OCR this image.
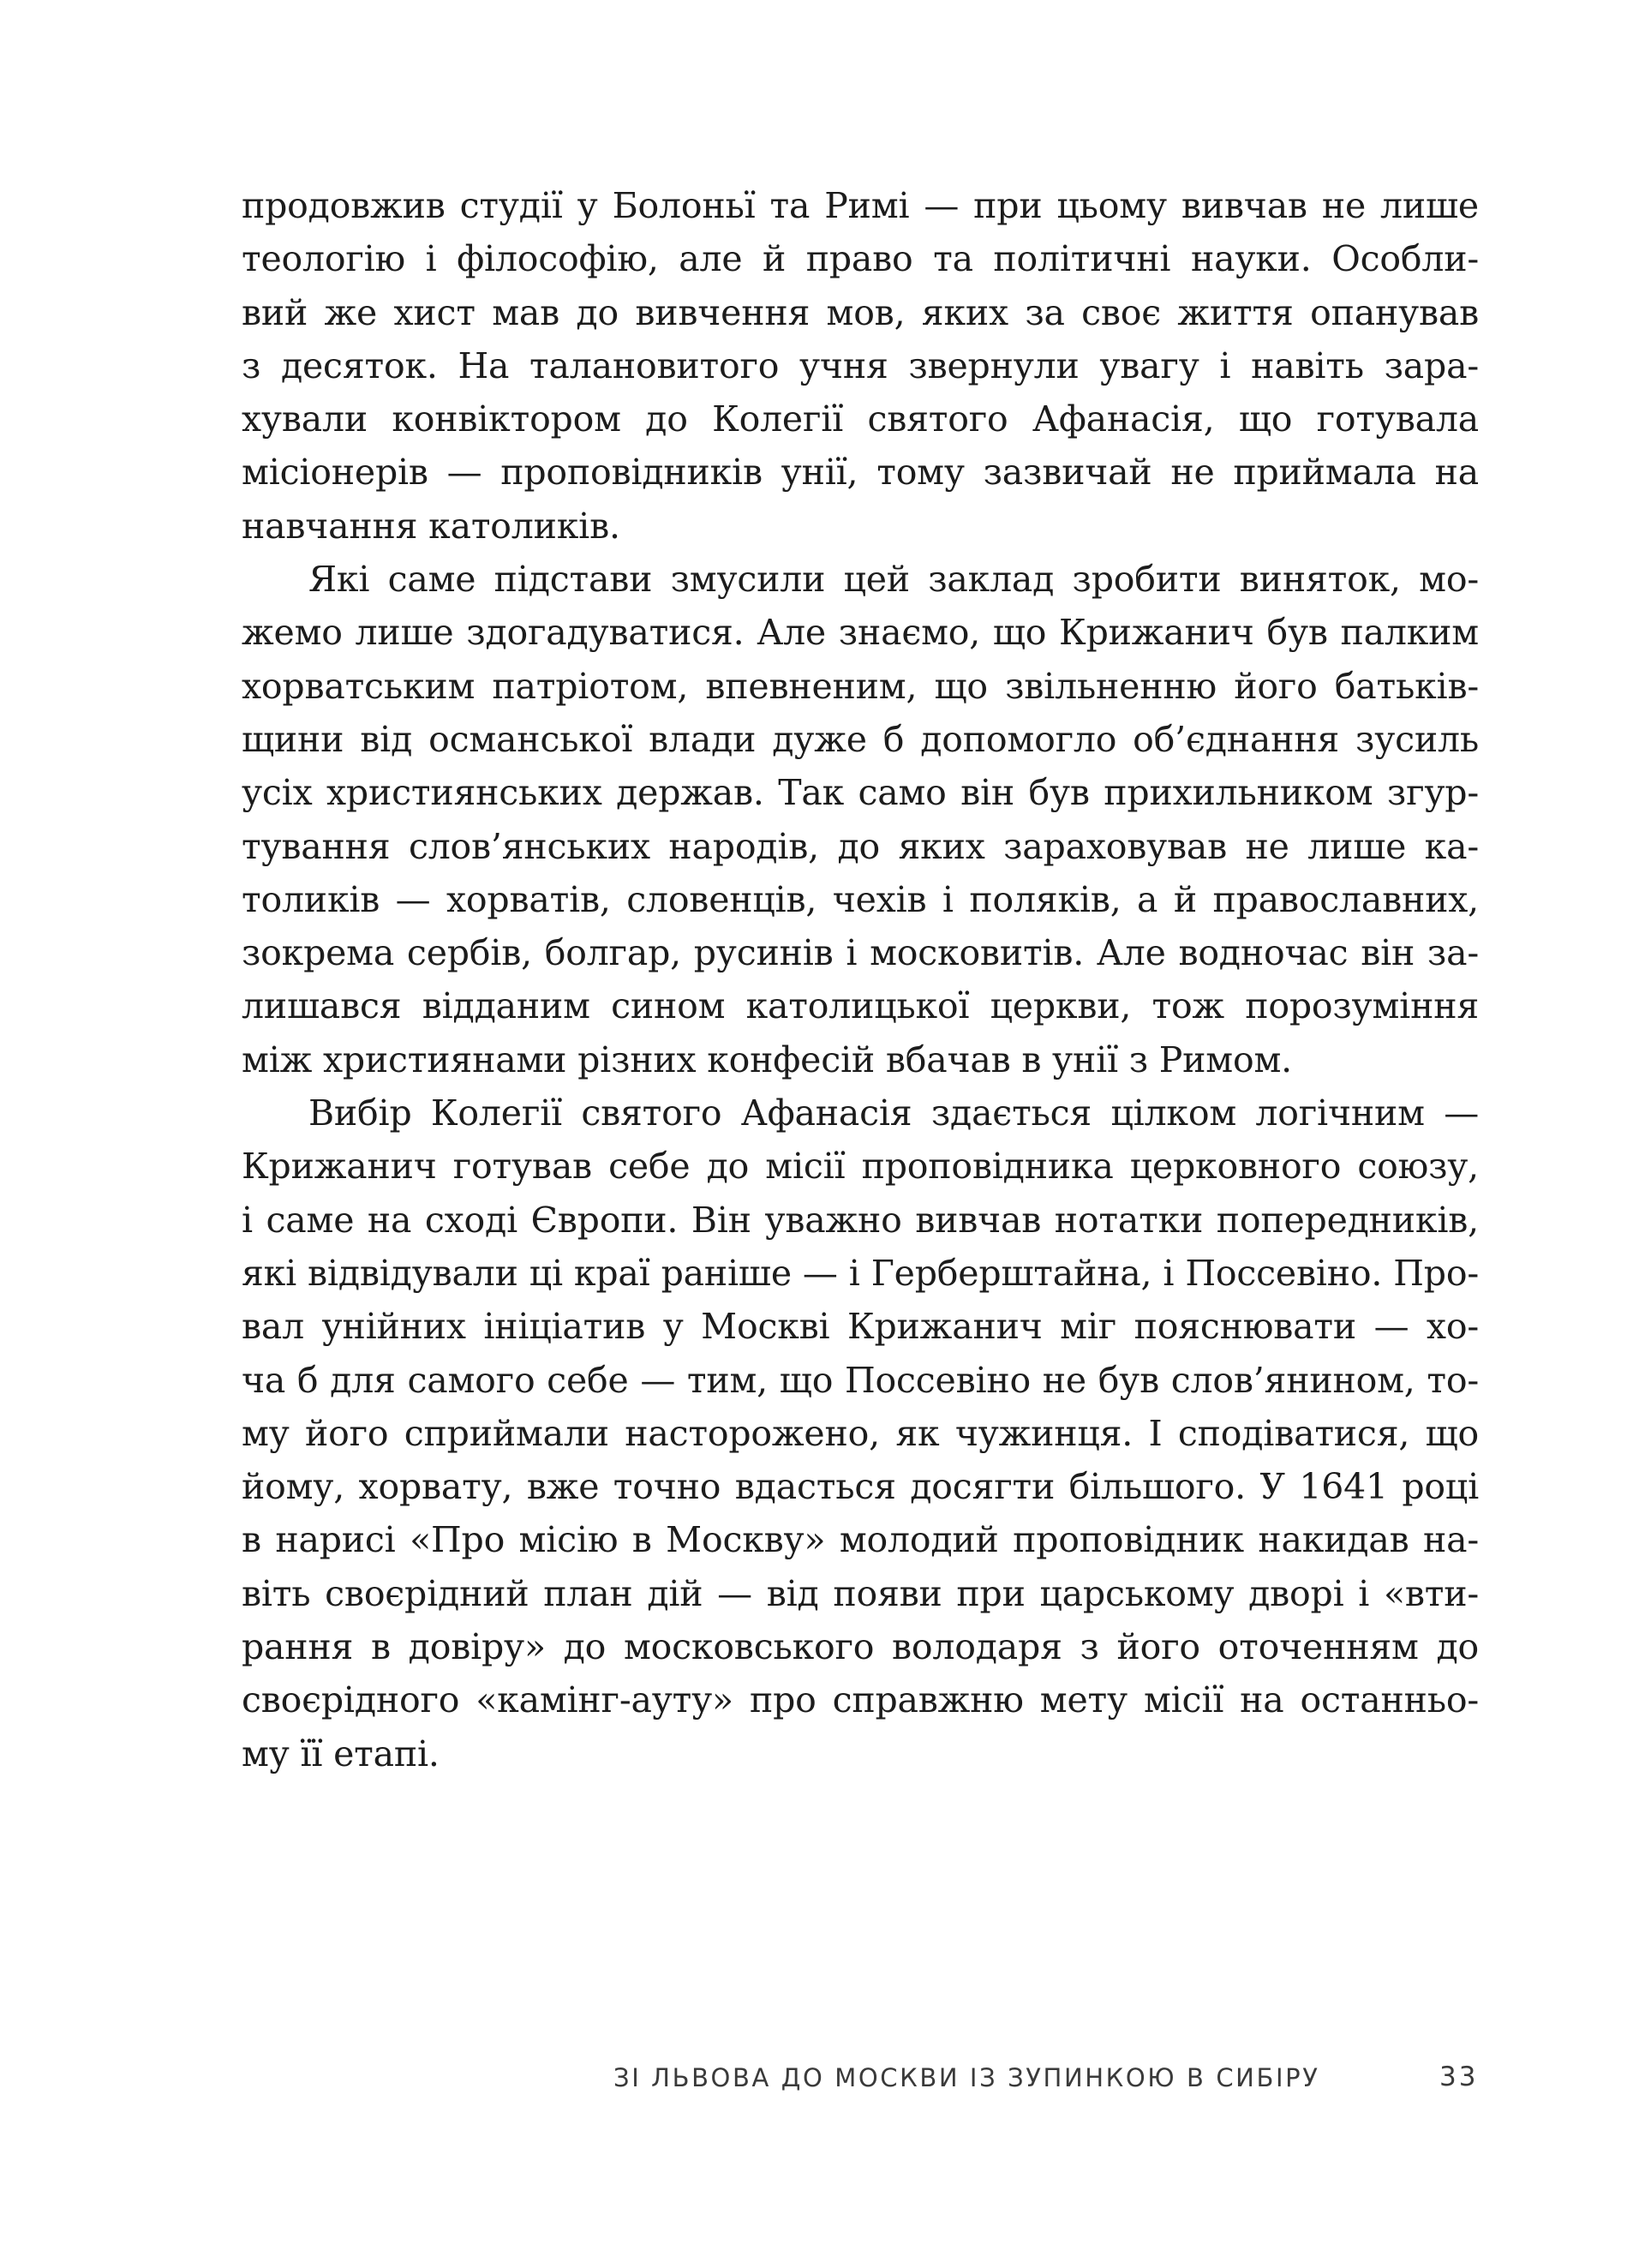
продовжив студії у Болоньї та Римі — при цьому вивчав не лише
теологію і філософію, але й право та політичні науки. Особли-
вий же хист мав до вивчення мов, яких за своє життя опанував
з десяток. На талановитого учня звернули увагу і навіть зара-
хували конвіктором до Колегії святого Афанасія, що готувала
місіонерів — проповідників унії, тому зазвичай не приймала на
навчання католиків.
Які саме підстави змусили цей заклад зробити виняток, мо-
жемо лише здогадуватися. Але знаємо, що Крижанич був палким
хорватським патріотом, впевненим, що звільненню його батьків-
щини від османської влади дуже б допомогло об’єднання зусиль
усіх християнських держав. Так само він був прихильником згур-
тування слов’янських народів, до яких зараховував не лише ка-
толиків — хорватів, словенців, чехів і поляків, а й православних,
зокрема сербів, болгар, русинів і московитів. Але водночас він за-
лишався відданим сином католицької церкви, тож порозуміння
між християнами різних конфесій вбачав в унії з Римом.
Вибір Колегії святого Афанасія здається цілком логічним —
Крижанич готував себе до місії проповідника церковного союзу,
і саме на сході Європи. Він уважно вивчав нотатки попередників,
які відвідували ці краї раніше — і Герберштайна, і Поссевіно. Про-
вал унійних ініціатив у Москві Крижанич міг пояснювати — хо-
ча б для самого себе — тим, що Поссевіно не був слов’янином, то-
му його сприймали насторожено, як чужинця. І сподіватися, що
йому, хорвату, вже точно вдасться досягти більшого. У 1641 році
в нарисі «Про місію в Москву» молодий проповідник накидав на-
віть своєрідний план дій — від появи при царському дворі і «вти-
рання в довіру» до московського володаря з його оточенням до
своєрідного «камінг-ауту» про справжню мету місії на останньо-
му її етапі.
ЗІ ЛЬВОВА ДО МОСКВИ ІЗ ЗУПИНКОЮ В СИБІРУ	33
